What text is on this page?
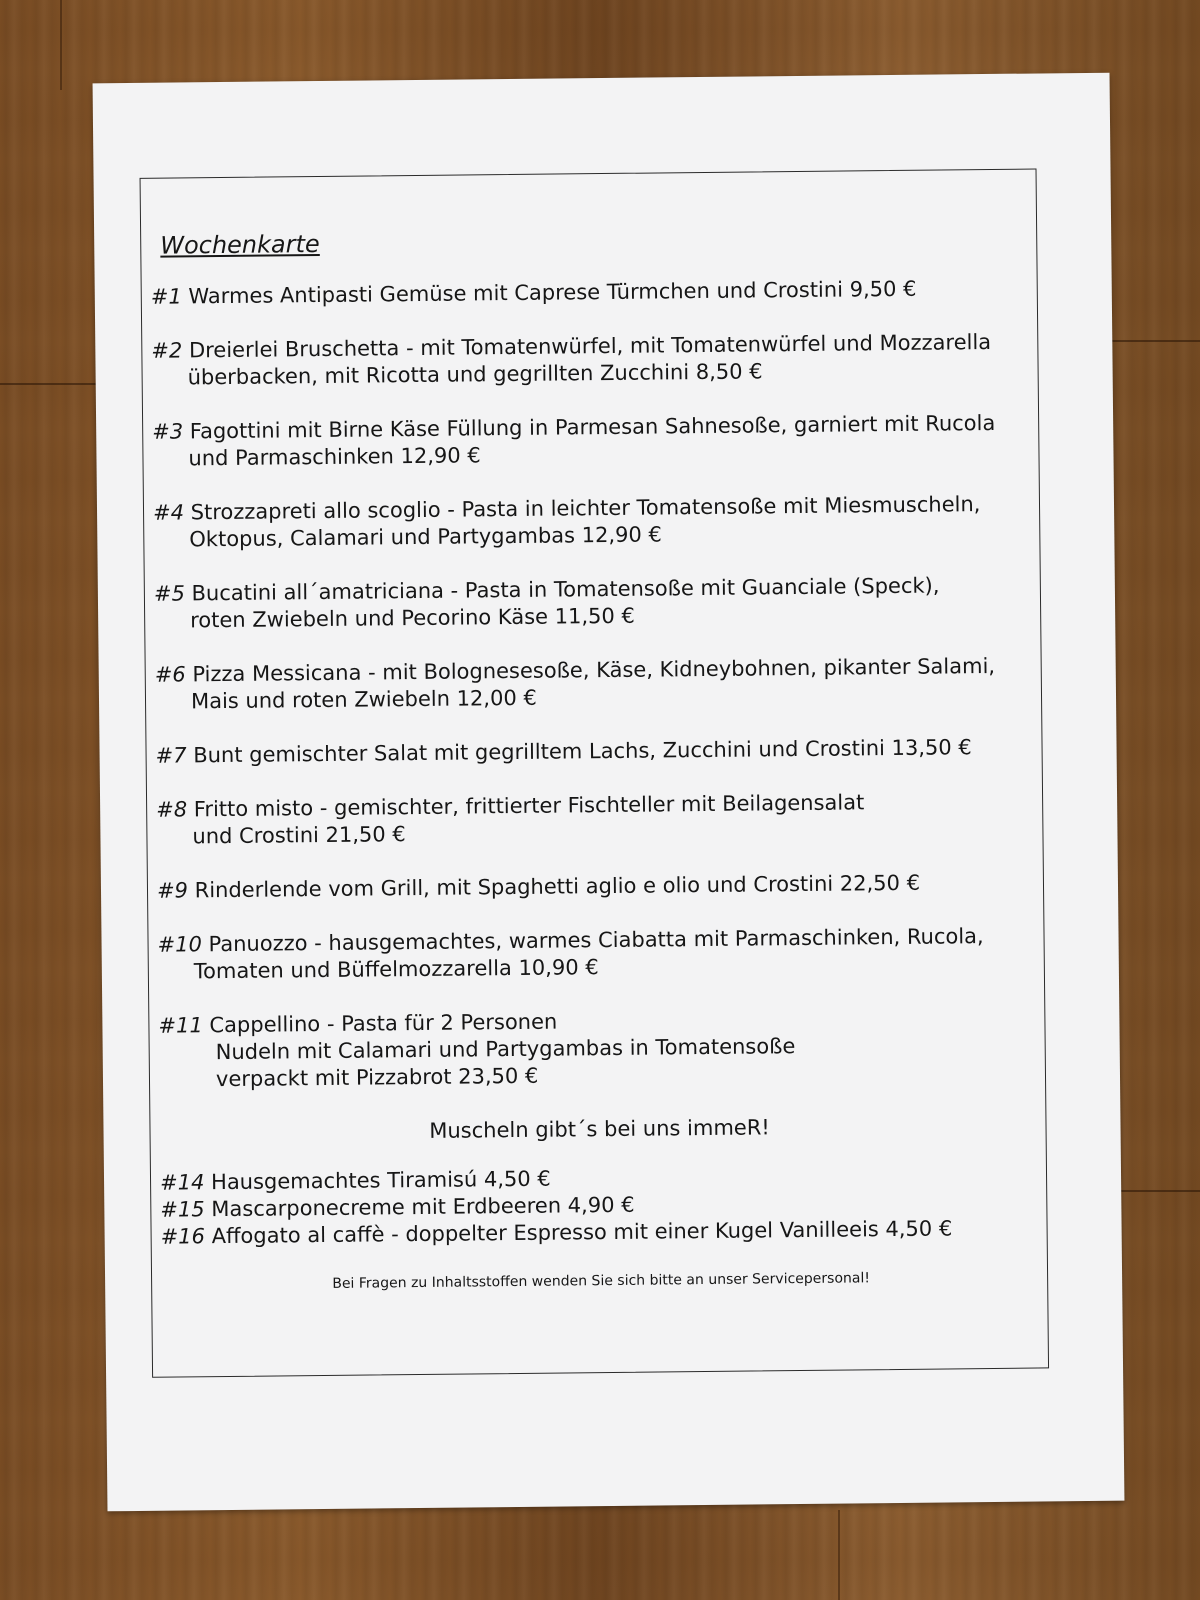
Wochenkarte
#1 Warmes Antipasti Gemüse mit Caprese Türmchen und Crostini 9,50 €
#2 Dreierlei Bruschetta - mit Tomatenwürfel, mit Tomatenwürfel und Mozzarella
überbacken, mit Ricotta und gegrillten Zucchini 8,50 €
#3 Fagottini mit Birne Käse Füllung in Parmesan Sahnesoße, garniert mit Rucola
und Parmaschinken 12,90 €
#4 Strozzapreti allo scoglio - Pasta in leichter Tomatensoße mit Miesmuscheln,
Oktopus, Calamari und Partygambas 12,90 €
#5 Bucatini all´amatriciana - Pasta in Tomatensoße mit Guanciale (Speck),
roten Zwiebeln und Pecorino Käse 11,50 €
#6 Pizza Messicana - mit Bolognesesoße, Käse, Kidneybohnen, pikanter Salami,
Mais und roten Zwiebeln 12,00 €
#7 Bunt gemischter Salat mit gegrilltem Lachs, Zucchini und Crostini 13,50 €
#8 Fritto misto - gemischter, frittierter Fischteller mit Beilagensalat
und Crostini 21,50 €
#9 Rinderlende vom Grill, mit Spaghetti aglio e olio und Crostini 22,50 €
#10 Panuozzo - hausgemachtes, warmes Ciabatta mit Parmaschinken, Rucola,
Tomaten und Büffelmozzarella 10,90 €
#11 Cappellino - Pasta für 2 Personen
Nudeln mit Calamari und Partygambas in Tomatensoße
verpackt mit Pizzabrot 23,50 €
Muscheln gibt´s bei uns immeR!
#14 Hausgemachtes Tiramisú 4,50 €
#15 Mascarponecreme mit Erdbeeren 4,90 €
#16 Affogato al caffè - doppelter Espresso mit einer Kugel Vanilleeis 4,50 €
Bei Fragen zu Inhaltsstoffen wenden Sie sich bitte an unser Servicepersonal!
